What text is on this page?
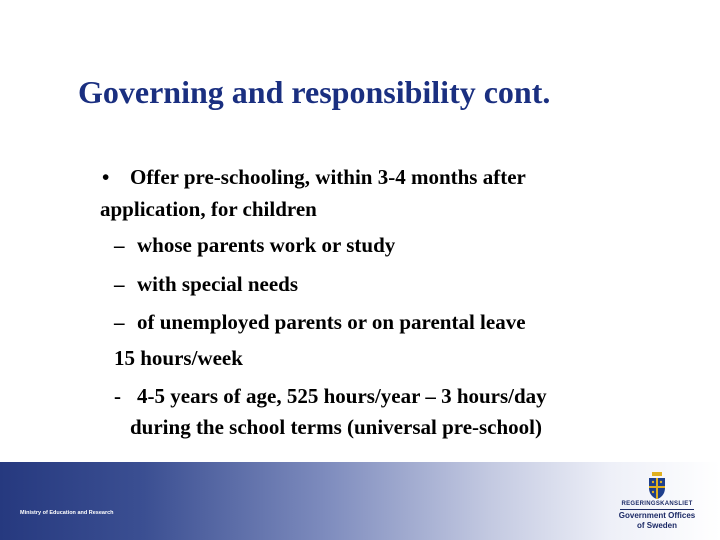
Governing and responsibility cont.
• Offer pre-schooling, within 3-4 months after
application, for children
– whose parents work or study
– with special needs
– of unemployed parents or on parental leave
15 hours/week
- 4-5 years of age, 525 hours/year – 3 hours/day
during the school terms (universal pre-school)
Ministry of Education and Research
REGERINGSKANSLIET
Government Offices
of Sweden
